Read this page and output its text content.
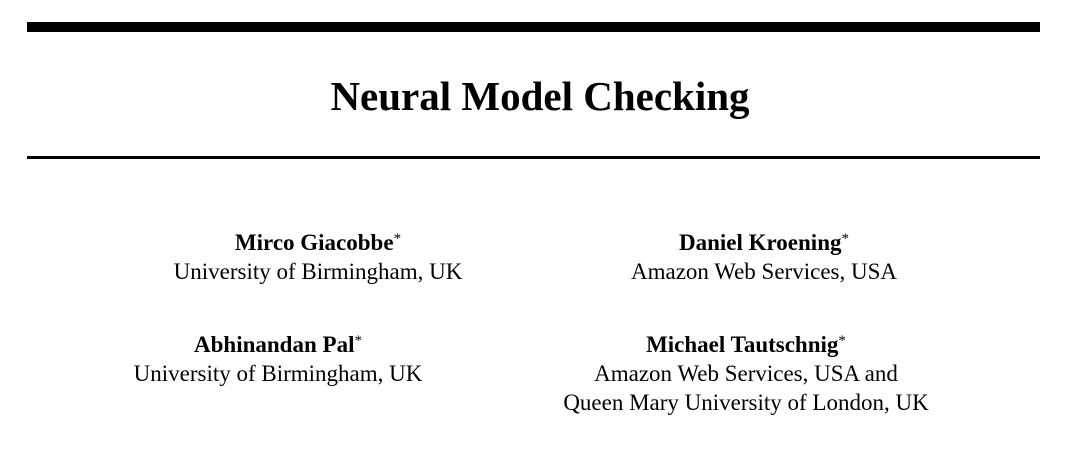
Neural Model Checking
Mirco Giacobbe*
University of Birmingham, UK
Daniel Kroening*
Amazon Web Services, USA
Abhinandan Pal*
University of Birmingham, UK
Michael Tautschnig*
Amazon Web Services, USA and
Queen Mary University of London, UK
